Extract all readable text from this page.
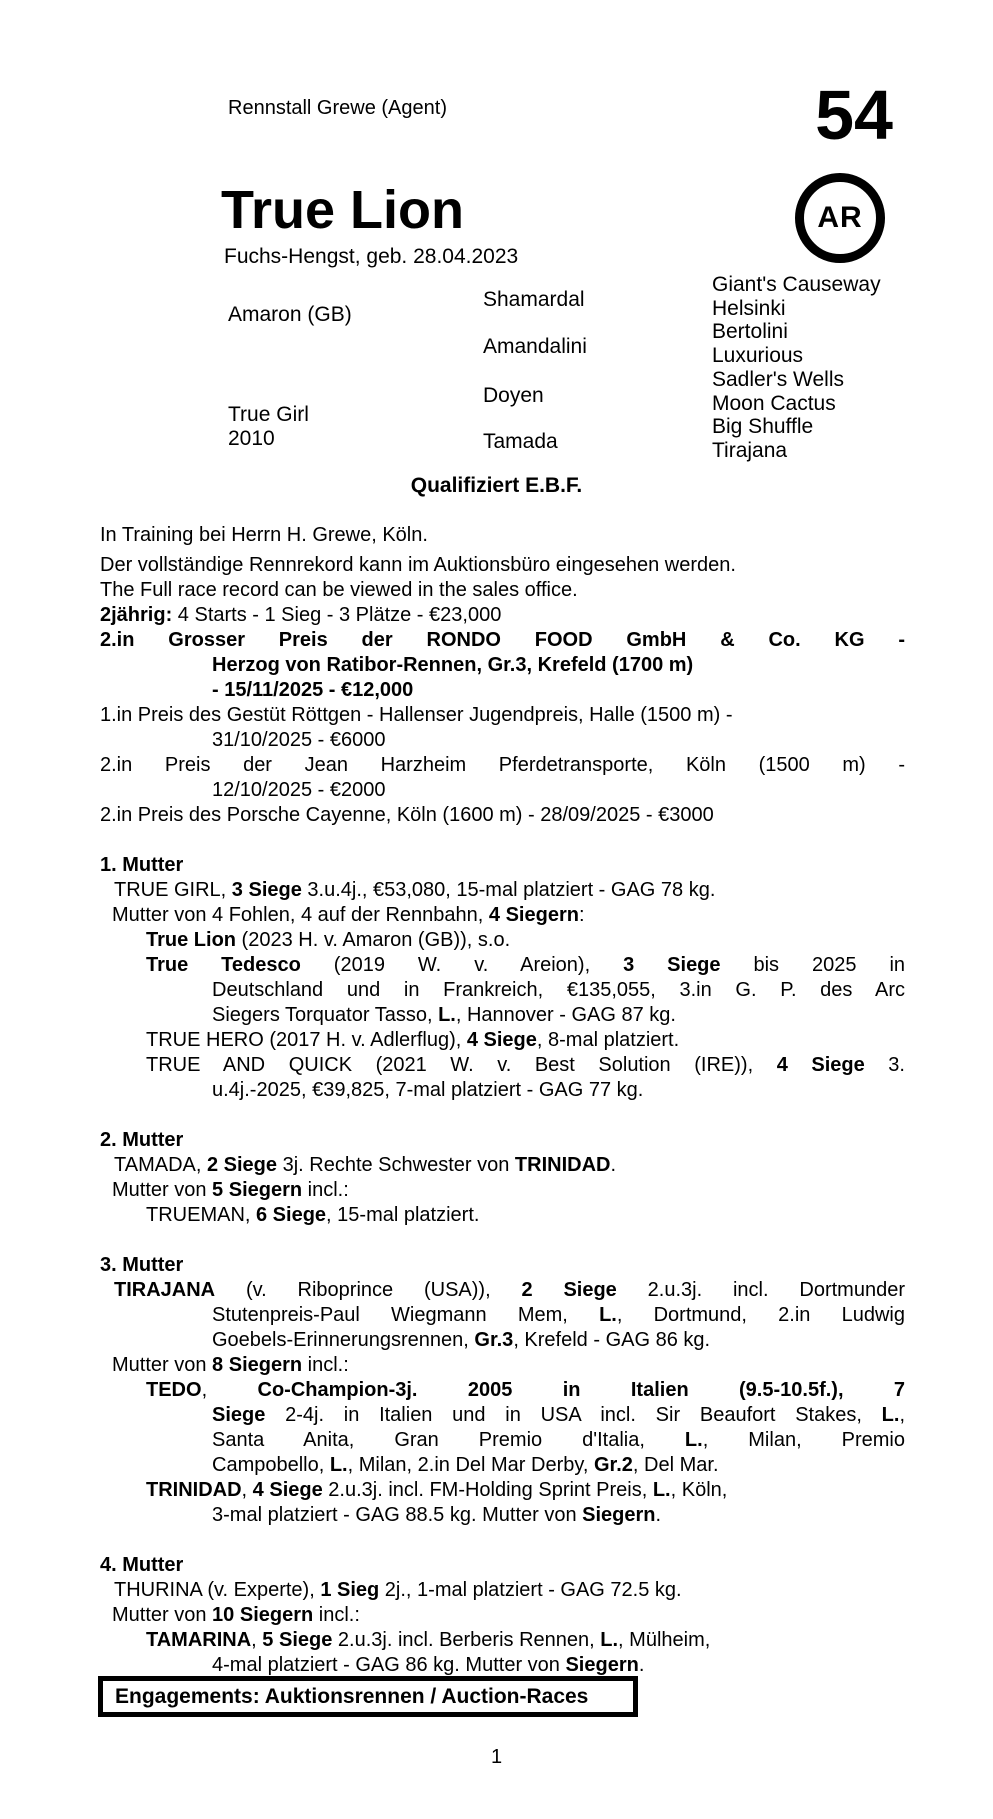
Rennstall Grewe (Agent)	54
True Lion
Fuchs-Hengst, geb. 28.04.2023
AR
Amaron (GB)
True Girl
2010
Shamardal
Amandalini
Doyen
Tamada
Giant's Causeway
Helsinki
Bertolini
Luxurious
Sadler's Wells
Moon Cactus
Big Shuffle
Tirajana
Qualifiziert E.B.F.
In Training bei Herrn H. Grewe, Köln.
Der vollständige Rennrekord kann im Auktionsbüro eingesehen werden.
The Full race record can be viewed in the sales office.
2jährig: 4 Starts - 1 Sieg - 3 Plätze - €23,000
2.in Grosser Preis der RONDO FOOD GmbH & Co. KG -
Herzog von Ratibor-Rennen, Gr.3, Krefeld (1700 m)
- 15/11/2025 - €12,000
1.in Preis des Gestüt Röttgen - Hallenser Jugendpreis, Halle (1500 m) -
31/10/2025 - €6000
2.in Preis der Jean Harzheim Pferdetransporte, Köln (1500 m) -
12/10/2025 - €2000
2.in Preis des Porsche Cayenne, Köln (1600 m) - 28/09/2025 - €3000
1. Mutter
TRUE GIRL, 3 Siege 3.u.4j., €53,080, 15-mal platziert - GAG 78 kg.
Mutter von 4 Fohlen, 4 auf der Rennbahn, 4 Siegern:
True Lion (2023 H. v. Amaron (GB)), s.o.
True Tedesco (2019 W. v. Areion), 3 Siege bis 2025 in
Deutschland und in Frankreich, €135,055, 3.in G. P. des Arc
Siegers Torquator Tasso, L., Hannover - GAG 87 kg.
TRUE HERO (2017 H. v. Adlerflug), 4 Siege, 8-mal platziert.
TRUE AND QUICK (2021 W. v. Best Solution (IRE)), 4 Siege 3.
u.4j.-2025, €39,825, 7-mal platziert - GAG 77 kg.
2. Mutter
TAMADA, 2 Siege 3j. Rechte Schwester von TRINIDAD.
Mutter von 5 Siegern incl.:
TRUEMAN, 6 Siege, 15-mal platziert.
3. Mutter
TIRAJANA (v. Riboprince (USA)), 2 Siege 2.u.3j. incl. Dortmunder
Stutenpreis-Paul Wiegmann Mem, L., Dortmund, 2.in Ludwig
Goebels-Erinnerungsrennen, Gr.3, Krefeld - GAG 86 kg.
Mutter von 8 Siegern incl.:
TEDO, Co-Champion-3j. 2005 in Italien (9.5-10.5f.), 7
Siege 2-4j. in Italien und in USA incl. Sir Beaufort Stakes, L.,
Santa Anita, Gran Premio d'Italia, L., Milan, Premio
Campobello, L., Milan, 2.in Del Mar Derby, Gr.2, Del Mar.
TRINIDAD, 4 Siege 2.u.3j. incl. FM-Holding Sprint Preis, L., Köln,
3-mal platziert - GAG 88.5 kg. Mutter von Siegern.
4. Mutter
THURINA (v. Experte), 1 Sieg 2j., 1-mal platziert - GAG 72.5 kg.
Mutter von 10 Siegern incl.:
TAMARINA, 5 Siege 2.u.3j. incl. Berberis Rennen, L., Mülheim,
4-mal platziert - GAG 86 kg. Mutter von Siegern.
Engagements: Auktionsrennen / Auction-Races
1
